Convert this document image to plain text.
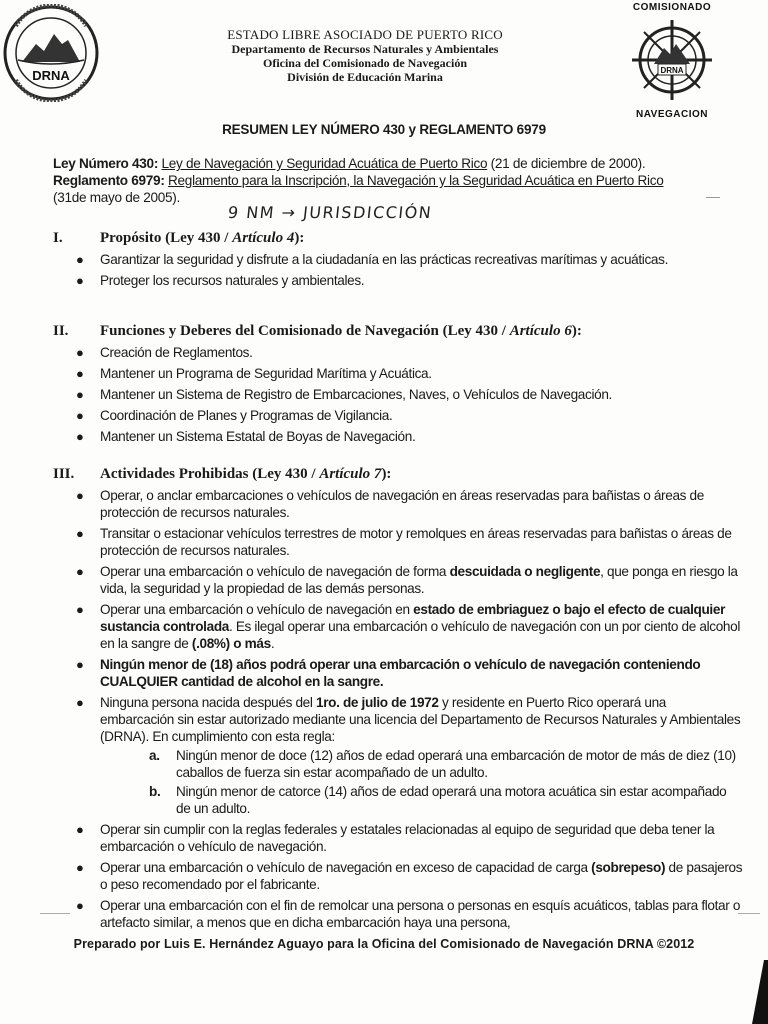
DRNA
COMISIONADO
DRNA
NAVEGACION
ESTADO LIBRE ASOCIADO DE PUERTO RICO
Departamento de Recursos Naturales y Ambientales
Oficina del Comisionado de Navegación
División de Educación Marina
RESUMEN LEY NÚMERO 430 y REGLAMENTO 6979
Ley Número 430: Ley de Navegación y Seguridad Acuática de Puerto Rico (21 de diciembre de 2000).
Reglamento 6979: Reglamento para la Inscripción, la Navegación y la Seguridad Acuática en Puerto Rico
(31de mayo de 2005).
9 NM → JURISDICCIÓN
I. Propósito (Ley 430 / Artículo 4):
● Garantizar la seguridad y disfrute a la ciudadanía en las prácticas recreativas marítimas y acuáticas.
● Proteger los recursos naturales y ambientales.
II. Funciones y Deberes del Comisionado de Navegación (Ley 430 / Artículo 6):
● Creación de Reglamentos.
● Mantener un Programa de Seguridad Marítima y Acuática.
● Mantener un Sistema de Registro de Embarcaciones, Naves, o Vehículos de Navegación.
● Coordinación de Planes y Programas de Vigilancia.
● Mantener un Sistema Estatal de Boyas de Navegación.
III. Actividades Prohibidas (Ley 430 / Artículo 7):
● Operar, o anclar embarcaciones o vehículos de navegación en áreas reservadas para bañistas o áreas de protección de recursos naturales.
● Transitar o estacionar vehículos terrestres de motor y remolques en áreas reservadas para bañistas o áreas de protección de recursos naturales.
● Operar una embarcación o vehículo de navegación de forma descuidada o negligente, que ponga en riesgo la vida, la seguridad y la propiedad de las demás personas.
● Operar una embarcación o vehículo de navegación en estado de embriaguez o bajo el efecto de cualquier sustancia controlada. Es ilegal operar una embarcación o vehículo de navegación con un por ciento de alcohol en la sangre de (.08%) o más.
● Ningún menor de (18) años podrá operar una embarcación o vehículo de navegación conteniendo CUALQUIER cantidad de alcohol en la sangre.
● Ninguna persona nacida después del 1ro. de julio de 1972 y residente en Puerto Rico operará una embarcación sin estar autorizado mediante una licencia del Departamento de Recursos Naturales y Ambientales (DRNA). En cumplimiento con esta regla:
a. Ningún menor de doce (12) años de edad operará una embarcación de motor de más de diez (10) caballos de fuerza sin estar acompañado de un adulto.
b. Ningún menor de catorce (14) años de edad operará una motora acuática sin estar acompañado de un adulto.
● Operar sin cumplir con la reglas federales y estatales relacionadas al equipo de seguridad que deba tener la embarcación o vehículo de navegación.
● Operar una embarcación o vehículo de navegación en exceso de capacidad de carga (sobrepeso) de pasajeros o peso recomendado por el fabricante.
● Operar una embarcación con el fin de remolcar una persona o personas en esquís acuáticos, tablas para flotar o artefacto similar, a menos que en dicha embarcación haya una persona,
Preparado por Luis E. Hernández Aguayo para la Oficina del Comisionado de Navegación DRNA ©2012
